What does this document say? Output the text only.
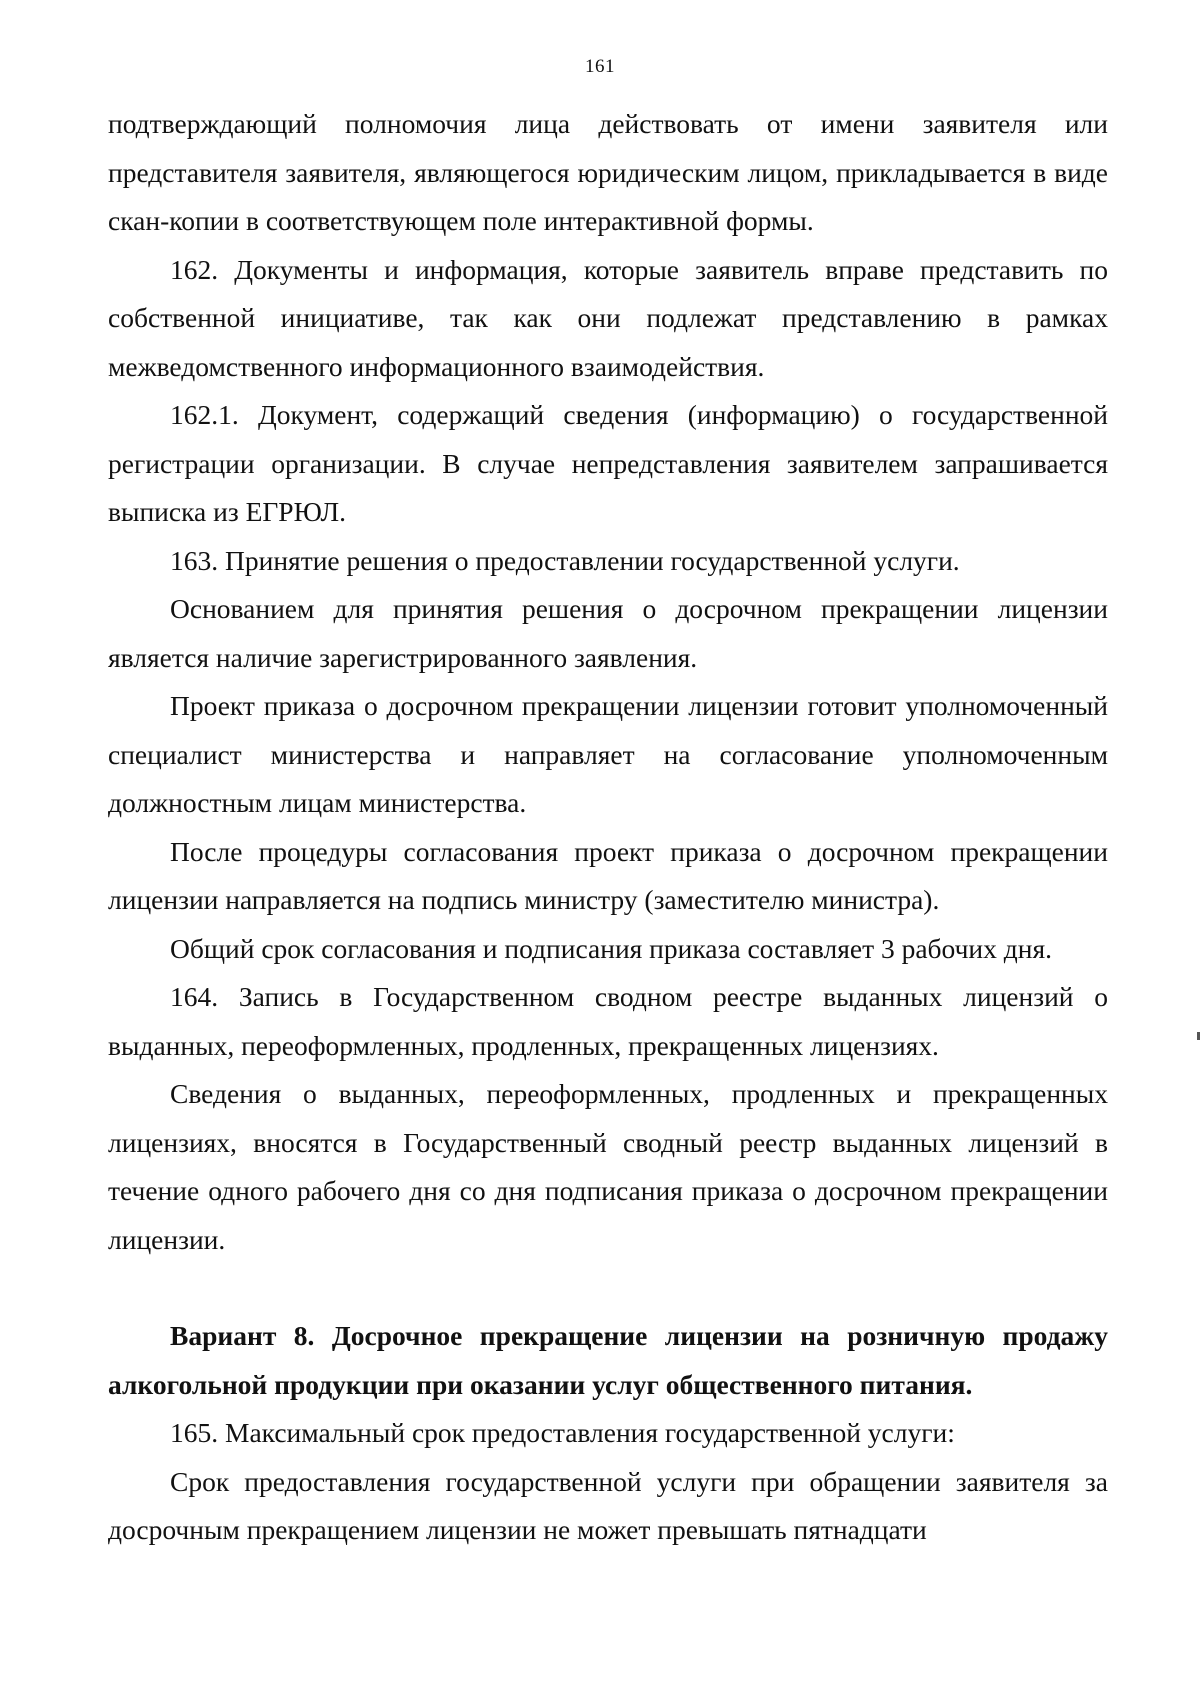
161

подтверждающий полномочия лица действовать от имени заявителя или представителя заявителя, являющегося юридическим лицом, прикладывается в виде скан-копии в соответствующем поле интерактивной формы.

162. Документы и информация, которые заявитель вправе представить по собственной инициативе, так как они подлежат представлению в рамках межведомственного информационного взаимодействия.

162.1. Документ, содержащий сведения (информацию) о государственной регистрации организации. В случае непредставления заявителем запрашивается выписка из ЕГРЮЛ.

163. Принятие решения о предоставлении государственной услуги.

Основанием для принятия решения о досрочном прекращении лицензии является наличие зарегистрированного заявления.

Проект приказа о досрочном прекращении лицензии готовит уполномоченный специалист министерства и направляет на согласование уполномоченным должностным лицам министерства.

После процедуры согласования проект приказа о досрочном прекращении лицензии направляется на подпись министру (заместителю министра).

Общий срок согласования и подписания приказа составляет 3 рабочих дня.

164. Запись в Государственном сводном реестре выданных лицензий о выданных, переоформленных, продленных, прекращенных лицензиях.

Сведения о выданных, переоформленных, продленных и прекращенных лицензиях, вносятся в Государственный сводный реестр выданных лицензий в течение одного рабочего дня со дня подписания приказа о досрочном прекращении лицензии.

Вариант 8. Досрочное прекращение лицензии на розничную продажу алкогольной продукции при оказании услуг общественного питания.

165. Максимальный срок предоставления государственной услуги:

Срок предоставления государственной услуги при обращении заявителя за досрочным прекращением лицензии не может превышать пятнадцати
